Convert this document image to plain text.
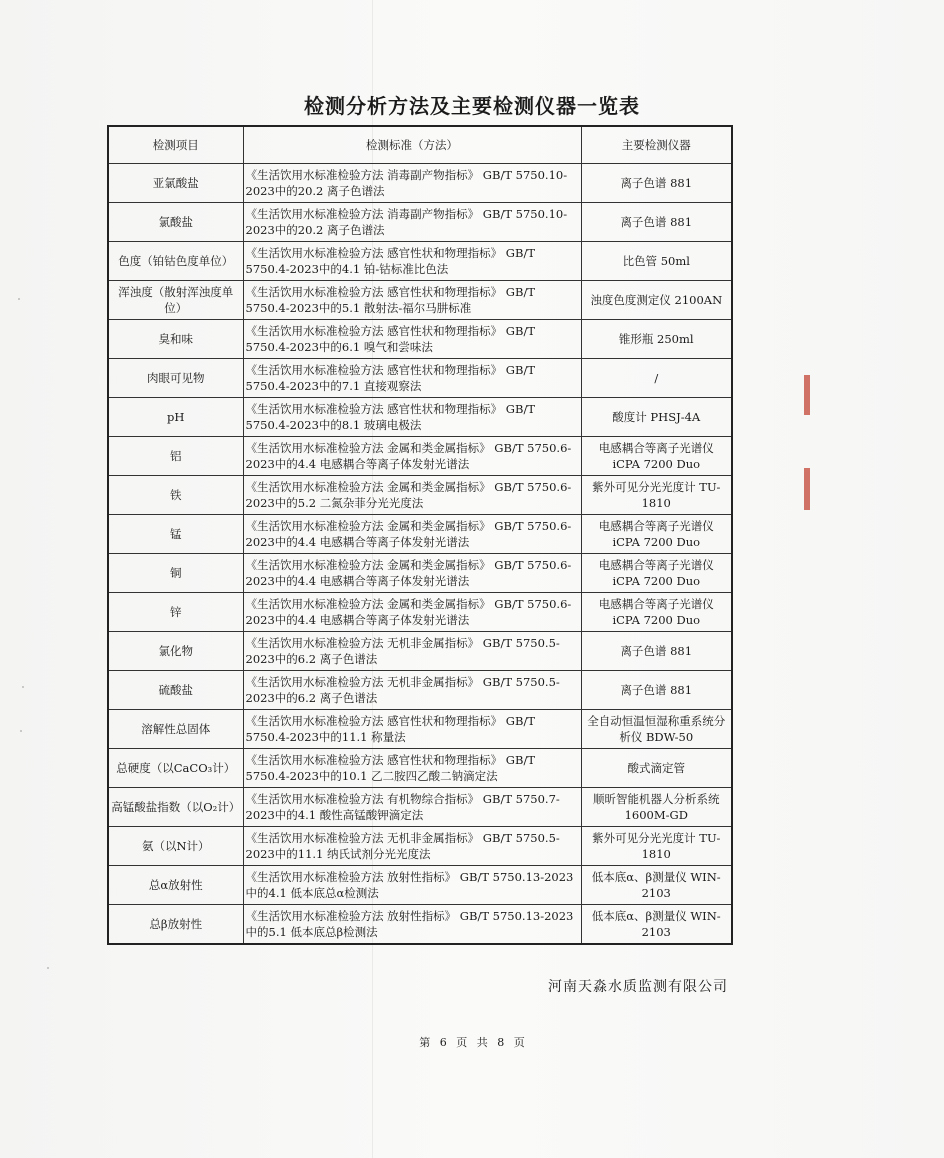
检测分析方法及主要检测仪器一览表
检测项目	检测标准（方法）	主要检测仪器
亚氯酸盐	《生活饮用水标准检验方法 消毒副产物指标》 GB/T 5750.10-2023中的20.2 离子色谱法	离子色谱 881
氯酸盐	《生活饮用水标准检验方法 消毒副产物指标》 GB/T 5750.10-2023中的20.2 离子色谱法	离子色谱 881
色度（铂钴色度单位）	《生活饮用水标准检验方法 感官性状和物理指标》 GB/T 5750.4-2023中的4.1 铂-钴标准比色法	比色管 50ml
浑浊度（散射浑浊度单位）	《生活饮用水标准检验方法 感官性状和物理指标》 GB/T 5750.4-2023中的5.1 散射法-福尔马肼标准	浊度色度测定仪 2100AN
臭和味	《生活饮用水标准检验方法 感官性状和物理指标》 GB/T 5750.4-2023中的6.1 嗅气和尝味法	锥形瓶 250ml
肉眼可见物	《生活饮用水标准检验方法 感官性状和物理指标》 GB/T 5750.4-2023中的7.1 直接观察法	/
pH	《生活饮用水标准检验方法 感官性状和物理指标》 GB/T 5750.4-2023中的8.1 玻璃电极法	酸度计 PHSJ-4A
铝	《生活饮用水标准检验方法 金属和类金属指标》 GB/T 5750.6-2023中的4.4 电感耦合等离子体发射光谱法	电感耦合等离子光谱仪 iCPA 7200 Duo
铁	《生活饮用水标准检验方法 金属和类金属指标》 GB/T 5750.6-2023中的5.2 二氮杂菲分光光度法	紫外可见分光光度计 TU-1810
锰	《生活饮用水标准检验方法 金属和类金属指标》 GB/T 5750.6-2023中的4.4 电感耦合等离子体发射光谱法	电感耦合等离子光谱仪 iCPA 7200 Duo
铜	《生活饮用水标准检验方法 金属和类金属指标》 GB/T 5750.6-2023中的4.4 电感耦合等离子体发射光谱法	电感耦合等离子光谱仪 iCPA 7200 Duo
锌	《生活饮用水标准检验方法 金属和类金属指标》 GB/T 5750.6-2023中的4.4 电感耦合等离子体发射光谱法	电感耦合等离子光谱仪 iCPA 7200 Duo
氯化物	《生活饮用水标准检验方法 无机非金属指标》 GB/T 5750.5-2023中的6.2 离子色谱法	离子色谱 881
硫酸盐	《生活饮用水标准检验方法 无机非金属指标》 GB/T 5750.5-2023中的6.2 离子色谱法	离子色谱 881
溶解性总固体	《生活饮用水标准检验方法 感官性状和物理指标》 GB/T 5750.4-2023中的11.1 称量法	全自动恒温恒湿称重系统分析仪 BDW-50
总硬度（以CaCO₃计）	《生活饮用水标准检验方法 感官性状和物理指标》 GB/T 5750.4-2023中的10.1 乙二胺四乙酸二钠滴定法	酸式滴定管
高锰酸盐指数（以O₂计）	《生活饮用水标准检验方法 有机物综合指标》 GB/T 5750.7-2023中的4.1 酸性高锰酸钾滴定法	顺昕智能机器人分析系统 1600M-GD
氨（以N计）	《生活饮用水标准检验方法 无机非金属指标》 GB/T 5750.5-2023中的11.1 纳氏试剂分光光度法	紫外可见分光光度计 TU-1810
总α放射性	《生活饮用水标准检验方法 放射性指标》 GB/T 5750.13-2023中的4.1 低本底总α检测法	低本底α、β测量仪 WIN-2103
总β放射性	《生活饮用水标准检验方法 放射性指标》 GB/T 5750.13-2023中的5.1 低本底总β检测法	低本底α、β测量仪 WIN-2103
河南天淼水质监测有限公司
第 6 页 共 8 页
